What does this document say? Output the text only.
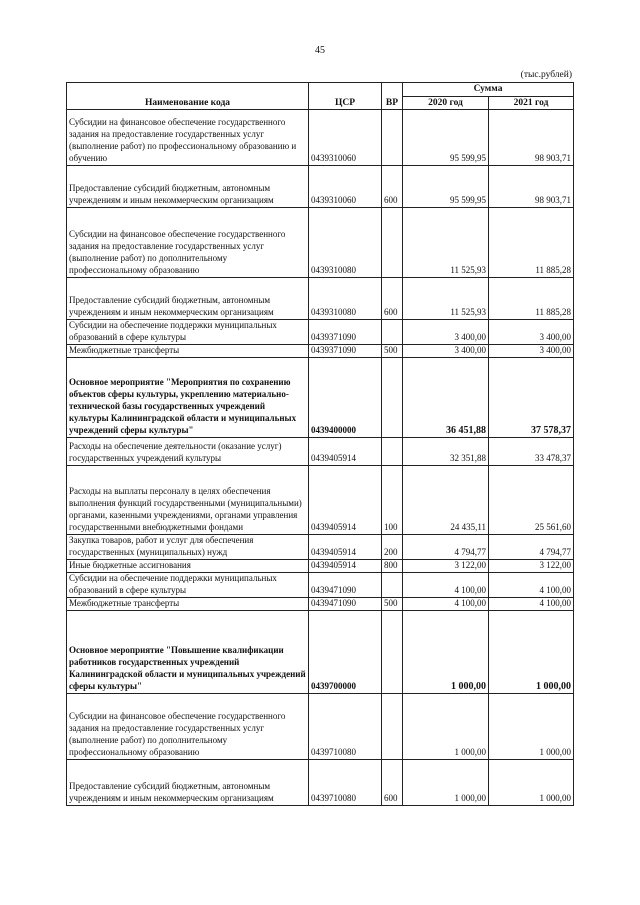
45
(тыс.рублей)
Наименование кода	ЦСР	ВР	Сумма	
			2020 год	2021 год
Субсидии на финансовое обеспечение государственного задания на предоставление государственных услуг (выполнение работ) по профессиональному образованию и обучению	0439310060		95 599,95	98 903,71
Предоставление субсидий бюджетным, автономным учреждениям и иным некоммерческим организациям	0439310060	600	95 599,95	98 903,71
Субсидии на финансовое обеспечение государственного задания на предоставление государственных услуг (выполнение работ) по дополнительному профессиональному образованию	0439310080		11 525,93	11 885,28
Предоставление субсидий бюджетным, автономным учреждениям и иным некоммерческим организациям	0439310080	600	11 525,93	11 885,28
Субсидии на обеспечение поддержки муниципальных образований в сфере культуры	0439371090		3 400,00	3 400,00
Межбюджетные трансферты	0439371090	500	3 400,00	3 400,00
Основное мероприятие "Мероприятия по сохранению объектов сферы культуры, укреплению материально-технической базы государственных учреждений культуры Калининградской области и муниципальных учреждений сферы культуры"	0439400000		36 451,88	37 578,37
Расходы на обеспечение деятельности (оказание услуг) государственных учреждений культуры	0439405914		32 351,88	33 478,37
Расходы на выплаты персоналу в целях обеспечения выполнения функций государственными (муниципальными) органами, казенными учреждениями, органами управления государственными внебюджетными фондами	0439405914	100	24 435,11	25 561,60
Закупка товаров, работ и услуг для обеспечения государственных (муниципальных) нужд	0439405914	200	4 794,77	4 794,77
Иные бюджетные ассигнования	0439405914	800	3 122,00	3 122,00
Субсидии на обеспечение поддержки муниципальных образований в сфере культуры	0439471090		4 100,00	4 100,00
Межбюджетные трансферты	0439471090	500	4 100,00	4 100,00
Основное мероприятие "Повышение квалификации работников государственных учреждений Калининградской области и муниципальных учреждений сферы культуры"	0439700000		1 000,00	1 000,00
Субсидии на финансовое обеспечение государственного задания на предоставление государственных услуг (выполнение работ) по дополнительному профессиональному образованию	0439710080		1 000,00	1 000,00
Предоставление субсидий бюджетным, автономным учреждениям и иным некоммерческим организациям	0439710080	600	1 000,00	1 000,00
